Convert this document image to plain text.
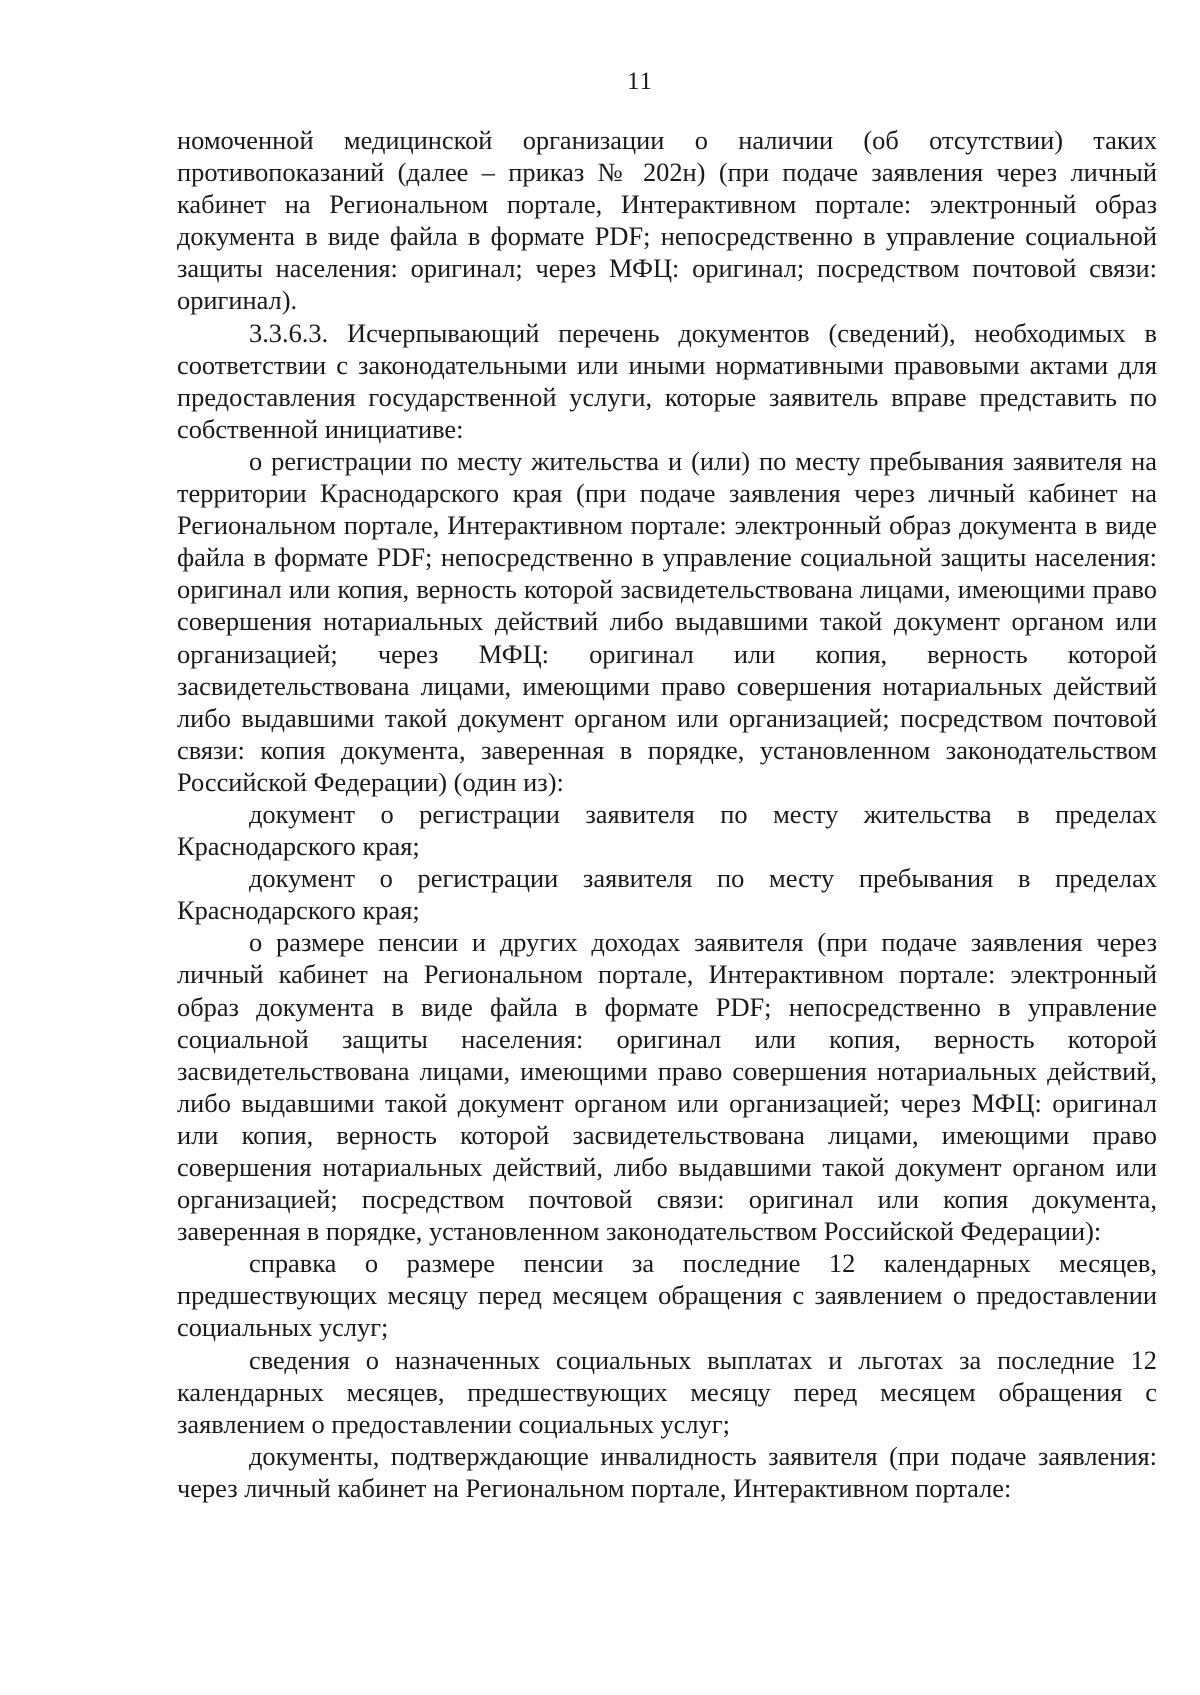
11

номоченной медицинской организации о наличии (об отсутствии) таких противопоказаний (далее – приказ № 202н) (при подаче заявления через личный кабинет на Региональном портале, Интерактивном портале: электронный образ документа в виде файла в формате PDF; непосредственно в управление социальной защиты населения: оригинал; через МФЦ: оригинал; посредством почтовой связи: оригинал).

3.3.6.3. Исчерпывающий перечень документов (сведений), необходимых в соответствии с законодательными или иными нормативными правовыми актами для предоставления государственной услуги, которые заявитель вправе представить по собственной инициативе:

о регистрации по месту жительства и (или) по месту пребывания заявителя на территории Краснодарского края (при подаче заявления через личный кабинет на Региональном портале, Интерактивном портале: электронный образ документа в виде файла в формате PDF; непосредственно в управление социальной защиты населения: оригинал или копия, верность которой засвидетельствована лицами, имеющими право совершения нотариальных действий либо выдавшими такой документ органом или организацией; через МФЦ: оригинал или копия, верность которой засвидетельствована лицами, имеющими право совершения нотариальных действий либо выдавшими такой документ органом или организацией; посредством почтовой связи: копия документа, заверенная в порядке, установленном законодательством Российской Федерации) (один из):

документ о регистрации заявителя по месту жительства в пределах Краснодарского края;

документ о регистрации заявителя по месту пребывания в пределах Краснодарского края;

о размере пенсии и других доходах заявителя (при подаче заявления через личный кабинет на Региональном портале, Интерактивном портале: электронный образ документа в виде файла в формате PDF; непосредственно в управление социальной защиты населения: оригинал или копия, верность которой засвидетельствована лицами, имеющими право совершения нотариальных действий, либо выдавшими такой документ органом или организацией; через МФЦ: оригинал или копия, верность которой засвидетельствована лицами, имеющими право совершения нотариальных действий, либо выдавшими такой документ органом или организацией; посредством почтовой связи: оригинал или копия документа, заверенная в порядке, установленном законодательством Российской Федерации):

справка о размере пенсии за последние 12 календарных месяцев, предшествующих месяцу перед месяцем обращения с заявлением о предоставлении социальных услуг;

сведения о назначенных социальных выплатах и льготах за последние 12 календарных месяцев, предшествующих месяцу перед месяцем обращения с заявлением о предоставлении социальных услуг;

документы, подтверждающие инвалидность заявителя (при подаче заявления: через личный кабинет на Региональном портале, Интерактивном портале:
